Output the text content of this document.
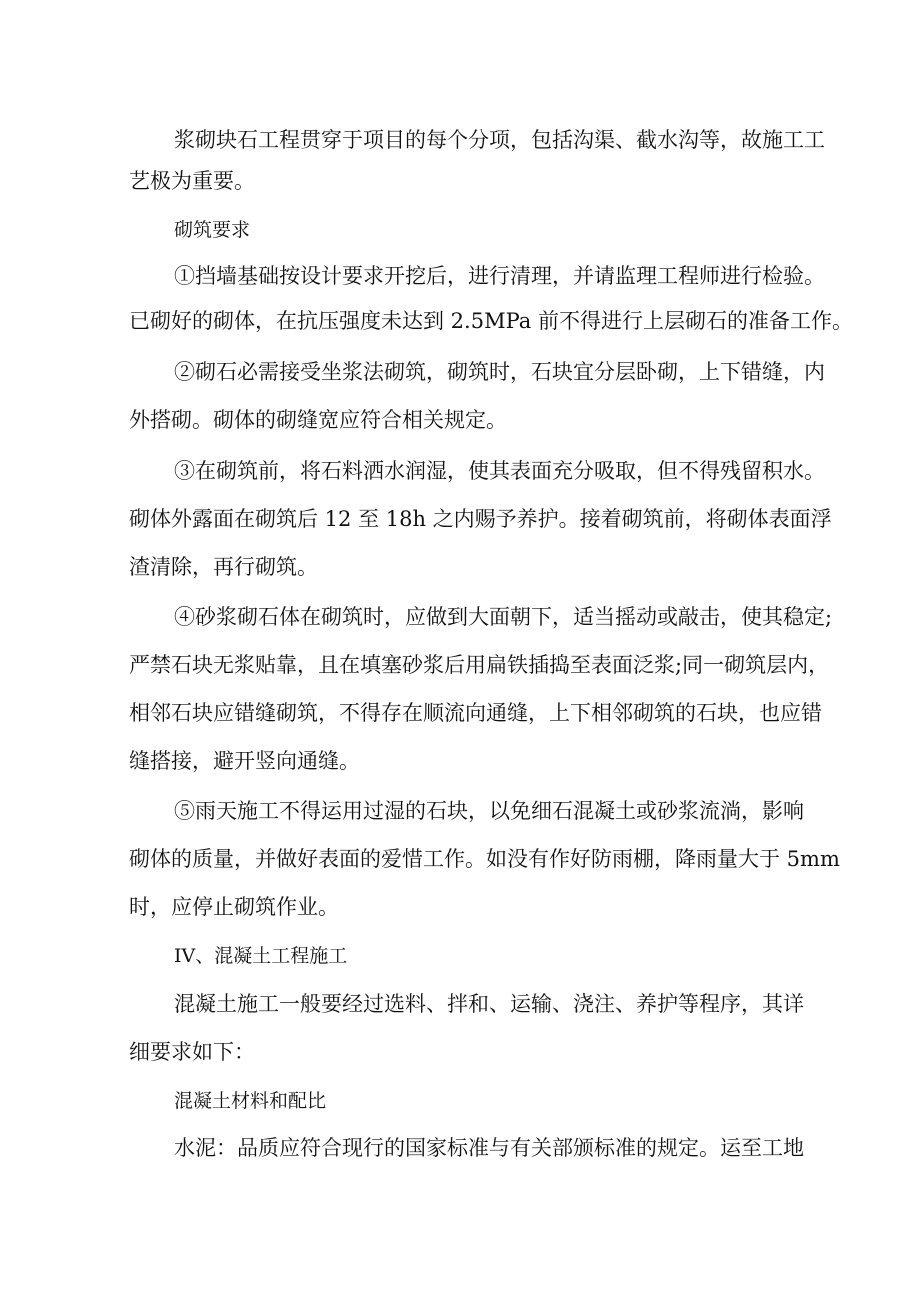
浆砌块石工程贯穿于项目的每个分项，包括沟渠、截水沟等，故施工工
艺极为重要。
砌筑要求
①挡墙基础按设计要求开挖后，进行清理，并请监理工程师进行检验。
已砌好的砌体，在抗压强度未达到 2.5MPa 前不得进行上层砌石的准备工作。
②砌石必需接受坐浆法砌筑，砌筑时，石块宜分层卧砌，上下错缝，内
外搭砌。砌体的砌缝宽应符合相关规定。
③在砌筑前，将石料洒水润湿，使其表面充分吸取，但不得残留积水。
砌体外露面在砌筑后 12 至 18h 之内赐予养护。接着砌筑前，将砌体表面浮
渣清除，再行砌筑。
④砂浆砌石体在砌筑时，应做到大面朝下，适当摇动或敲击，使其稳定;
严禁石块无浆贴靠，且在填塞砂浆后用扁铁插捣至表面泛浆;同一砌筑层内，
相邻石块应错缝砌筑，不得存在顺流向通缝，上下相邻砌筑的石块，也应错
缝搭接，避开竖向通缝。
⑤雨天施工不得运用过湿的石块，以免细石混凝土或砂浆流淌，影响
砌体的质量，并做好表面的爱惜工作。如没有作好防雨棚，降雨量大于 5mm
时，应停止砌筑作业。
IV、混凝土工程施工
混凝土施工一般要经过选料、拌和、运输、浇注、养护等程序，其详
细要求如下：
混凝土材料和配比
水泥：品质应符合现行的国家标准与有关部颁标准的规定。运至工地
